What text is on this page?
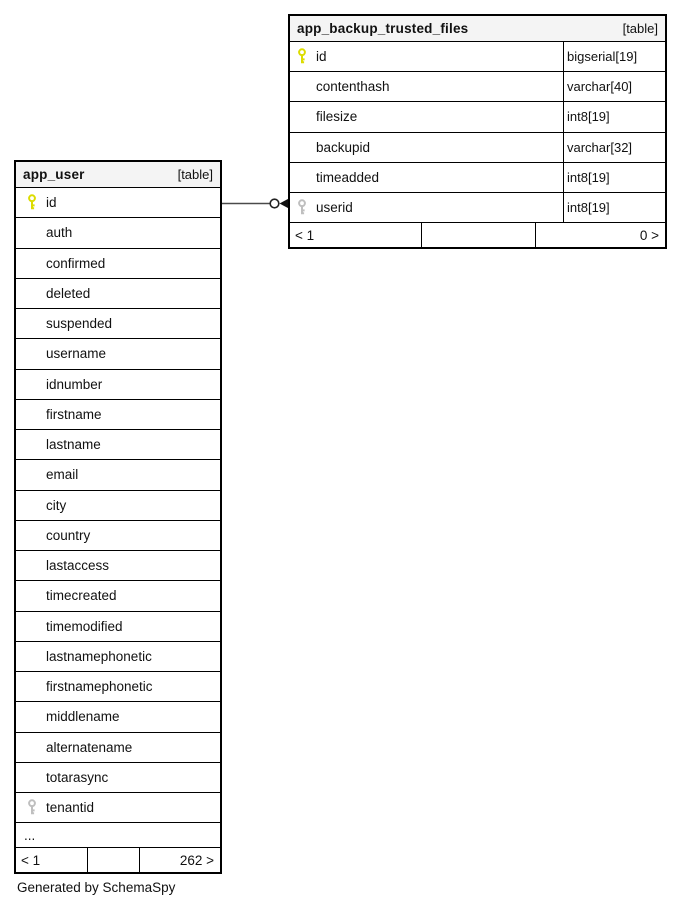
app_backup_trusted_files	[table]
id	bigserial[19]
contenthash	varchar[40]
filesize	int8[19]
backupid	varchar[32]
timeadded	int8[19]
userid	int8[19]
< 1	0 >
app_user	[table]
id
auth
confirmed
deleted
suspended
username
idnumber
firstname
lastname
email
city
country
lastaccess
timecreated
timemodified
lastnamephonetic
firstnamephonetic
middlename
alternatename
totarasync
tenantid
...
< 1	262 >
Generated by SchemaSpy
